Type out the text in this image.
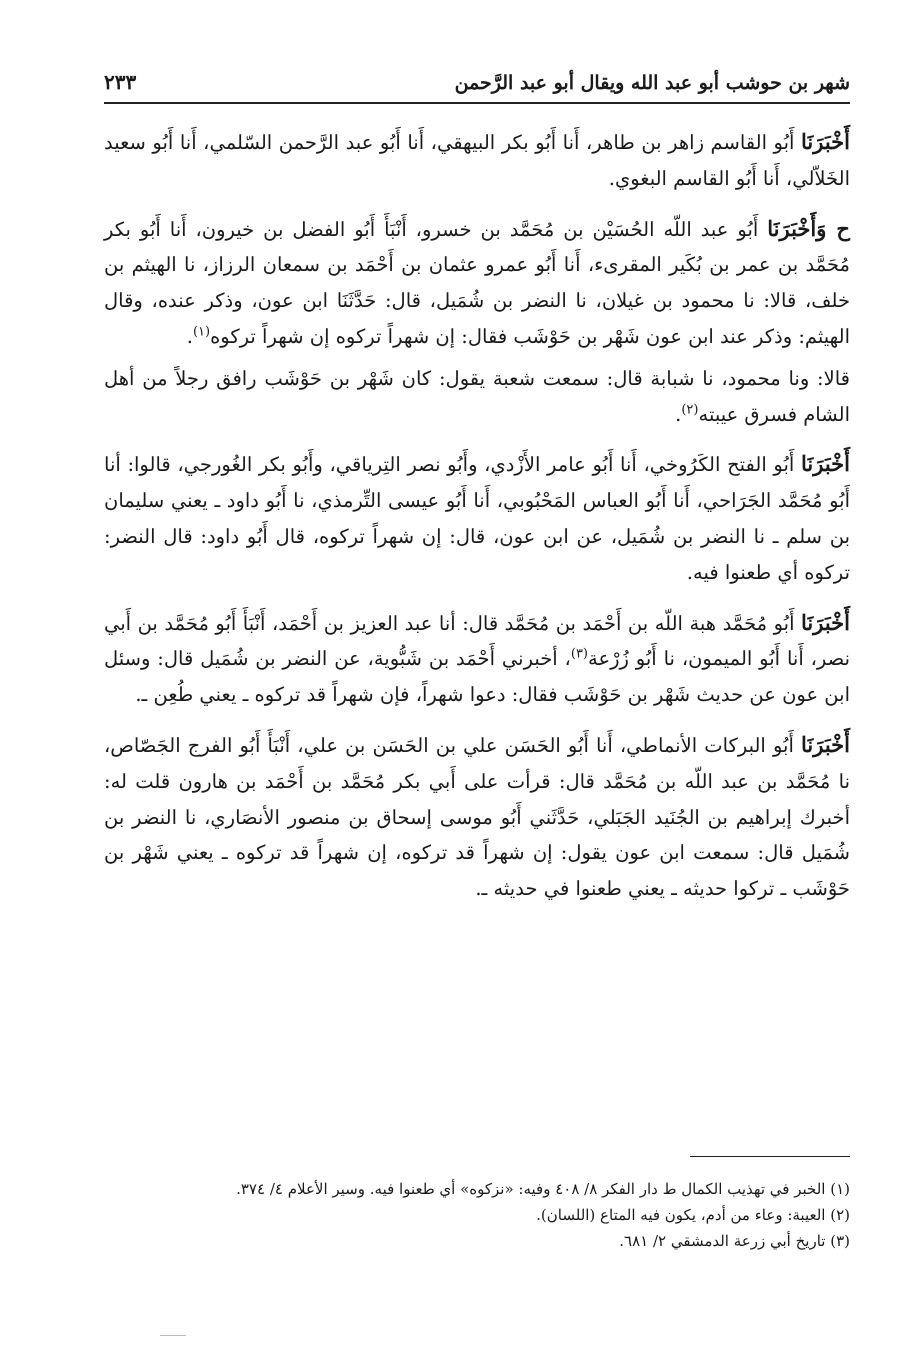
شهر بن حوشب أبو عبد الله ويقال أبو عبد الرَّحمن
٢٣٣

أَخْبَرَنَا أَبُو القاسم زاهر بن طاهر، أَنا أَبُو بكر البيهقي، أَنا أَبُو عبد الرَّحمن السّلمي، أَنا أَبُو سعيد الخَلاّلي، أَنا أَبُو القاسم البغوي.

ح وَأَخْبَرَنَا أَبُو عبد اللّه الحُسَيْن بن مُحَمَّد بن خسرو، أَنْبَأَ أَبُو الفضل بن خيرون، أَنا أَبُو بكر مُحَمَّد بن عمر بن بُكَير المقرىء، أَنا أَبُو عمرو عثمان بن أَحْمَد بن سمعان الرزاز، نا الهيثم بن خلف، قالا: نا محمود بن غيلان، نا النضر بن شُمَيل، قال: حَدَّثَنَا ابن عون، وذكر عنده، وقال الهيثم: وذكر عند ابن عون شَهْر بن حَوْشَب فقال: إن شهراً تركوه إن شهراً تركوه$^{(١)}$.

قالا: ونا محمود، نا شبابة قال: سمعت شعبة يقول: كان شَهْر بن حَوْشَب رافق رجلاً من أهل الشام فسرق عيبته$^{(٢)}$.

أَخْبَرَنَا أَبُو الفتح الكَرُوخي، أَنا أَبُو عامر الأَزْدي، وأَبُو نصر التِرياقي، وأَبُو بكر الغُورجي، قالوا: أنا أَبُو مُحَمَّد الجَرَاحي، أَنا أَبُو العباس المَحْبُوبي، أَنا أَبُو عيسى التِّرمذي، نا أَبُو داود ـ يعني سليمان بن سلم ـ نا النضر بن شُمَيل، عن ابن عون، قال: إن شهراً تركوه، قال أَبُو داود: قال النضر: تركوه أي طعنوا فيه.

أَخْبَرَنَا أَبُو مُحَمَّد هبة اللّه بن أَحْمَد بن مُحَمَّد قال: أنا عبد العزيز بن أَحْمَد، أَنْبَأَ أَبُو مُحَمَّد بن أَبي نصر، أَنا أَبُو الميمون، نا أَبُو زُرْعة$^{(٣)}$، أخبرني أَحْمَد بن شَبُّوية، عن النضر بن شُمَيل قال: وسئل ابن عون عن حديث شَهْر بن حَوْشَب فقال: دعوا شهراً، فإن شهراً قد تركوه ـ يعني طُعِن ـ.

أَخْبَرَنَا أَبُو البركات الأنماطي، أَنا أَبُو الحَسَن علي بن الحَسَن بن علي، أَنْبَأَ أَبُو الفرج الجَصّاص، نا مُحَمَّد بن عبد اللّه بن مُحَمَّد قال: قرأت على أَبي بكر مُحَمَّد بن أَحْمَد بن هارون قلت له: أخبرك إبراهيم بن الجُنَيد الجَبَلي، حَدَّثَني أَبُو موسى إسحاق بن منصور الأنصَاري، نا النضر بن شُمَيل قال: سمعت ابن عون يقول: إن شهراً قد تركوه، إن شهراً قد تركوه ـ يعني شَهْر بن حَوْشَب ـ تركوا حديثه ـ يعني طعنوا في حديثه ـ.

(١) الخبر في تهذيب الكمال ط دار الفكر ٨/ ٤٠٨ وفيه: «نزكوه» أي طعنوا فيه. وسير الأعلام ٤/ ٣٧٤.

(٢) العيبة: وعاء من أدم، يكون فيه المتاع (اللسان).

(٣) تاريخ أبي زرعة الدمشقي ٢/ ٦٨١.
